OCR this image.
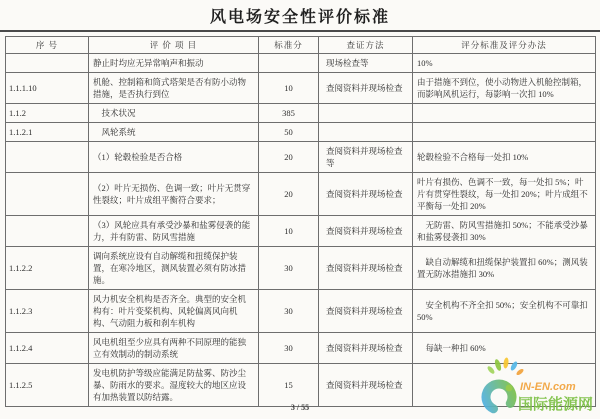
风电场安全性评价标准
序 号	评 价 项 目	标准分	查证方法	评分标准及评分办法
	静止时均应无异常响声和振动		现场检查等	10%
1.1.1.10	机舱、控制箱和筒式塔架是否有防小动物措施，是否执行到位	10	查阅资料并现场检查	由于措施不到位，使小动物进入机舱控制箱，而影响风机运行，每影响一次扣 10%
1.1.2	　技术状况	385		
1.1.2.1	　风轮系统	50		
	（1）轮毂检验是否合格	20	查阅资料并现场检查等	轮毂检验不合格每一处扣 10%
	（2）叶片无损伤、色调一致；叶片无贯穿性裂纹；叶片成组平衡符合要求；	20	查阅资料并现场检查	叶片有损伤、色调不一致，每一处扣 5%；叶片有贯穿性裂纹，每一处扣 20%；叶片成组不平衡每一处扣 20%
	（3）风轮应具有承受沙暴和盐雾侵袭的能力，并有防雷、防风雪措施	10	查阅资料并现场检查	　无防雷、防风雪措施扣 50%；不能承受沙暴和盐雾侵袭扣 30%
1.1.2.2	调向系统应设有自动解缆和扭缆保护装置，在寒冷地区，测风装置必须有防冰措施。	30	查阅资料并现场检查	　缺自动解缆和扭缆保护装置扣 60%；测风装置无防冰措施扣 30%
1.1.2.3	风力机安全机构是否齐全。典型的安全机构有：叶片变桨机构、风轮偏离风向机构、气动阻力板和刹车机构	30	查阅资料并现场检查	　安全机构不齐全扣 50%；安全机构不可靠扣 50%
1.1.2.4	风电机组至少应具有两种不同原理的能独立有效制动的制动系统	30	查阅资料并现场检查	　每缺一种扣 60%
1.1.2.5	发电机防护等级应能满足防盐雾、防沙尘暴、防雨水的要求。湿度较大的地区应设有加热装置以防结露。	15	查阅资料并现场检查	
3 / 55
IN-EN.com
国际能源网
